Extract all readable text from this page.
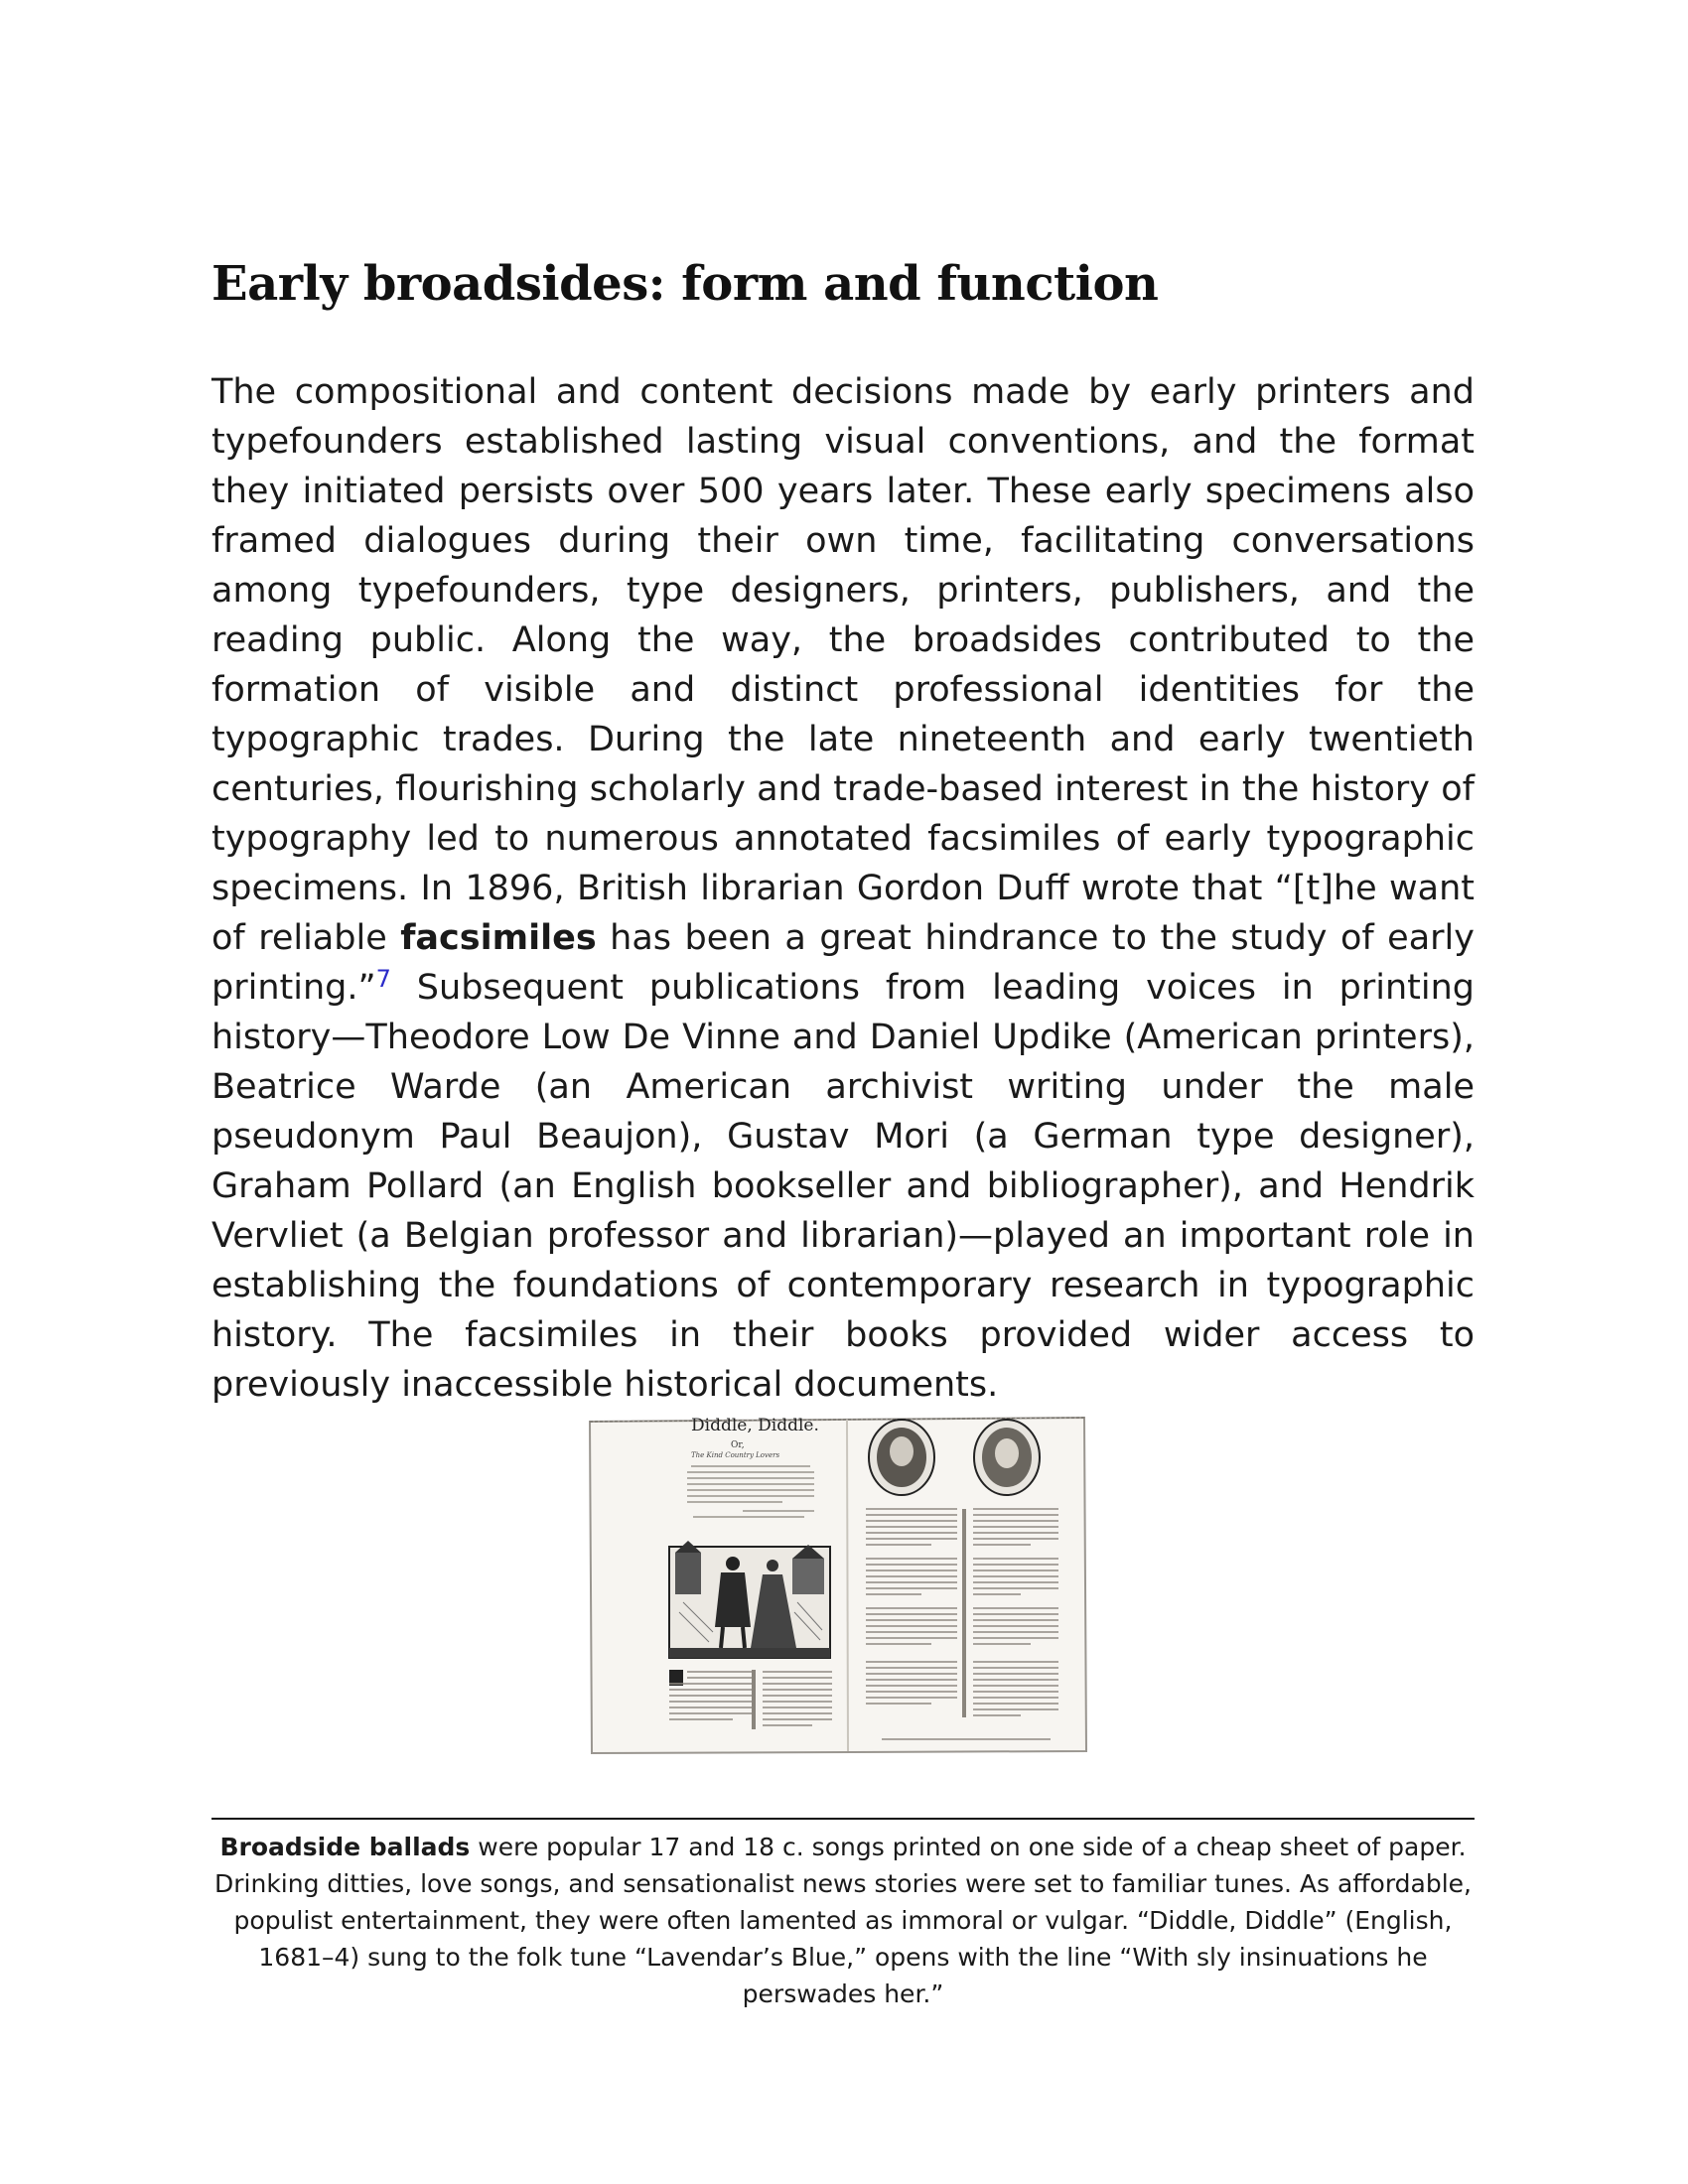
Early broadsides: form and function

The compositional and content decisions made by early printers and typefounders established lasting visual conventions, and the format they initiated persists over 500 years later. These early specimens also framed dialogues during their own time, facilitating conversations among typefounders, type designers, printers, publishers, and the reading public. Along the way, the broadsides contributed to the formation of visible and distinct professional identities for the typographic trades. During the late nineteenth and early twentieth centuries, flourishing scholarly and trade-based interest in the history of typography led to numerous annotated facsimiles of early typographic specimens. In 1896, British librarian Gordon Duff wrote that “[t]he want of reliable facsimiles has been a great hindrance to the study of early printing.”$^7$ Subsequent publications from leading voices in printing history—Theodore Low De Vinne and Daniel Updike (American printers), Beatrice Warde (an American archivist writing under the male pseudonym Paul Beaujon), Gustav Mori (a German type designer), Graham Pollard (an English bookseller and bibliographer), and Hendrik Vervliet (a Belgian professor and librarian)—played an important role in establishing the foundations of contemporary research in typographic history. The facsimiles in their books provided wider access to previously inaccessible historical documents.

Diddle, Diddle.
Or,
The Kind Country Lovers

Broadside ballads were popular 17 and 18 c. songs printed on one side of a cheap sheet of paper. Drinking ditties, love songs, and sensationalist news stories were set to familiar tunes. As affordable, populist entertainment, they were often lamented as immoral or vulgar. “Diddle, Diddle” (English, 1681–4) sung to the folk tune “Lavendar’s Blue,” opens with the line “With sly insinuations he perswades her.”
